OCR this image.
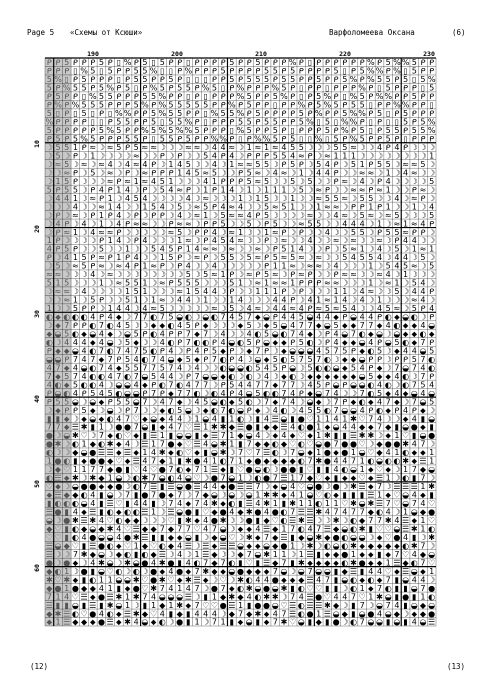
Page 5 «Схемы от Ксюши»	Варфоломеева Оксана	(6)
190	200	210	220	230
10
20
30
40
50
60
ᑭ ᑭ 5 ᑭ ᑭ ᑭ 5 ᑭ ▯ % ᑭ 5 ▯ 5 ᑭ ᑭ ▯ ᑭ ᑭ ᑭ ᑭ 5 ᑭ ᑭ 5 ᑭ ᑭ ᑭ % ᑭ ▯ ᑭ ᑭ ᑭ ᑭ ᑭ ᑭ % ᑭ 5 % % 5 ᑭ ᑭ
ᑭ ᑭ ᑭ ▯ % 5 ▯ 5 ᑭ ᑭ 5 5 % ▯ ▯ ᑭ % ᑭ ᑭ ᑭ 5 ᑭ ᑭ ᑭ ᑭ 5 5 ᑭ 5 ᑭ ᑭ ᑭ ᑭ 5 ▯ ᑭ 5 % % ᑭ % ▯ 5 ᑭ ᑭ
5 % ▯ ᑭ 5 ᑭ ᑭ ᑭ ▯ ᑭ 5 5 ᑭ ᑭ 5 ᑭ ▯ ▯ ▯ ᑭ ᑭ 5 ᑭ 5 5 5 ᑭ 5 5 ᑭ ᑭ 5 ᑭ ᑭ 5 % ᑭ % 5 5 ᑭ 5 ▯ 5 %
5 ᑭ % 5 5 ᑭ 5 % ᑭ 5 ▯ ᑭ % 5 ᑭ 5 5 ᑭ % 5 ▯ ᑭ % ᑭ ᑭ ᑭ % 5 ᑭ ▯ ᑭ ᑭ ▯ ᑭ ᑭ ᑭ % ᑭ ▯ 5 ᑭ ᑭ ᑭ ▯ 5
ᑭ 5 ᑭ ᑭ ▯ % 5 5 ᑭ ᑭ ᑭ 5 5 % ᑭ ᑭ ▯ ᑭ ▯ ᑭ ᑭ ᑭ % 5 ᑭ ᑭ 5 % ᑭ ▯ ᑭ 5 % ᑭ ▯ % 5 ᑭ % % ᑭ ᑭ 5 ᑭ ᑭ
ᑭ % ᑭ % 5 5 5 ᑭ ᑭ ᑭ 5 % ᑭ % 5 5 5 5 5 ᑭ ᑭ % ᑭ 5 ᑭ ᑭ ▯ ᑭ ᑭ % ᑭ 5 % 5 ᑭ 5 5 ▯ ᑭ ᑭ % % ᑭ ᑭ ▯
5 ▯ ᑭ ▯ 5 ▯ ᑭ ▯ % % ᑭ ᑭ 5 % 5 5 ᑭ ᑭ ▯ % 5 5 % ᑭ 5 ᑭ ᑭ ᑭ ᑭ 5 ᑭ % ᑭ ᑭ 5 % % ᑭ 5 ▯ ᑭ 5 ᑭ ᑭ ᑭ
% ᑭ ᑭ ᑭ ᑭ ▯ ▯ ᑭ 5 5 ᑭ ᑭ 5 ▯ 5 5 % ᑭ ▯ ᑭ ᑭ ᑭ 5 5 ᑭ 5 5 ᑭ ᑭ 5 % ▯ 5 ▯ % % ᑭ ▯ ᑭ ▯ ▯ 5 ᑭ 5 %
5 ᑭ ᑭ ᑭ ᑭ ᑭ 5 % 5 ᑭ ᑭ % 5 % 5 % % 5 ᑭ ᑭ ᑭ ▯ % 5 ᑭ ᑭ 5 ᑭ ▯ ᑭ ᑭ ᑭ 5 ᑭ % ᑭ 5 ▯ ᑭ 5 5 ᑭ 5 5 %
ᑭ 5 ᑭ 5 % 5 ᑭ ᑭ ᑭ 5 5 ᑭ ▯ 5 5 ᑭ 5 ᑭ ᑭ % % ᑭ ▯ ᑭ % % 5 ᑭ 5 ▯ ▯ % ▯ 5 ᑭ % 5 ᑭ ᑭ 5 ᑭ ▯ ᑭ ᑭ ᑭ
☽ 5 5 1 ᑭ ≈ ☽ ≈ 5 ᑭ 5 ≈ ≈ ☽ ☽ ☽ ≈ ≈ ☽ 4 4 ≈ ☽ 1 ≈ 1 ≈ 4 5 5 ☽ ☽ ☽ 5 5 ≈ ☽ ☽ 4 ᑭ 4 ᑭ ☽ ☽ ☽
☽ 5 ☽ ᑭ ☽ 1 ☽ ☽ ☽ ☽ ≈ ☽ ☽ ᑭ ☽ ᑭ ☽ ☽ 5 4 ᑭ 4 ☽ ᑭ ᑭ ᑭ 5 5 4 ≈ ᑭ ☽ ≈ 1 1 1 ☽ ☽ ☽ ☽ ☽ ☽ ☽ ☽ 1
☽ ≈ 5 ☽ ≈ ☽ ≈ 4 ☽ 4 ≈ 4 ᑭ ☽ 1 4 5 ☽ ☽ 4 ☽ 1 ≈ ≈ 5 5 ☽ ᑭ 5 ᑭ ☽ 5 4 ᑭ ☽ 5 1 ᑭ 5 5 ☽ ≈ ≈ 5 ☽
☽ ☽ ≈ ᑭ ☽ 5 ☽ ≈ ☽ ᑭ ☽ ≈ ᑭ ᑭ ᑭ 1 4 5 ≈ 5 ☽ ☽ ᑭ 5 ≈ ☽ 4 ≈ ☽ 1 ☽ 4 4 ᑭ ☽ ☽ ≈ ≈ ☽ 1 ☽ 4 ≈ ☽ ☽
☽ 1 5 ᑭ ☽ ☽ ☽ ≈ ᑭ ≈ 1 ≈ 4 5 1 ☽ ☽ ☽ 4 1 ᑭ ᑭ ᑭ 5 ≈ 5 ☽ ☽ 5 ☽ 5 ☽ ☽ ᑭ ≈ ☽ 4 ☽ ᑭ 4 ☽ ☽ ☽ ☽ 5
5 ᑭ 5 5 ☽ ᑭ 4 ᑭ 1 4 ☽ ᑭ ☽ 5 4 ≈ ᑭ ☽ 1 ᑭ 1 4 ☽ 1 ☽ 1 1 1 ☽ 5 ☽ ≈ ᑭ ☽ ☽ ≈ ≈ ᑭ ≈ 1 ☽ ☽ ᑭ ≈ ☽
☽ 4 4 1 ☽ ≈ ᑭ 1 ☽ 4 5 4 ☽ ☽ ☽ ☽ 4 ☽ ≈ ☽ ☽ ☽ 1 ☽ 1 5 ☽ ☽ 1 ☽ ☽ ≈ 5 5 ≈ ☽ 5 5 ☽ ☽ 4 ☽ ≈ ᑭ ☽
☽ ☽ ☽ 4 ☽ ☽ ≈ 1 4 ☽ ☽ 1 5 4 ☽ 5 ☽ ≈ 5 ᑭ 4 ≈ 4 ☽ ☽ 5 ≈ 5 1 ☽ ☽ 1 ≈ ≈ ☽ ᑭ ᑭ 1 ᑭ 1 ☽ ☽ 1 ☽ 4
☽ ᑭ ☽ ≈ ☽ ᑭ 1 ᑭ 4 ☽ ᑭ ☽ ᑭ ᑭ ☽ 4 ☽ ≈ 1 ☽ 5 ≈ ≈ 4 ᑭ 5 ☽ ☽ ☽ ☽ ≈ ☽ ☽ 4 ≈ ☽ 5 ≈ ☽ ≈ 5 ☽ ☽ ☽ 5
☽ 4 ᑭ ☽ 4 ☽ 1 ☽ 4 ᑭ ≈ ≈ ☽ ☽ ᑭ ≈ ≈ ☽ ᑭ ᑭ 5 ☽ ☽ 5 ☽ ᑭ 5 ☽ ☽ ≈ 5 5 ☽ ☽ 4 4 4 ☽ 1 ☽ ≈ 1 ≈ 4 ᑭ
☽ ᑭ ≈ 1 ☽ 4 ≈ ≈ ᑭ ☽ ☽ ☽ ☽ ☽ ≈ 5 ☽ ᑭ ᑭ 4 ☽ ≈ 1 ☽ ☽ 1 ≈ ᑭ ☽ ᑭ ☽ ☽ 4 ☽ ☽ 5 5 ☽ ᑭ 5 5 ≈ ᑭ ᑭ ☽
1 ᑭ ☽ ☽ ☽ ☽ ᑭ 1 4 ☽ ᑭ 4 ☽ ☽ ☽ 1 ≈ ☽ ᑭ 4 5 4 ≈ ☽ ☽ ᑭ ☽ ≈ ☽ ☽ 4 ☽ ☽ ≈ ☽ ≈ ☽ ☽ ≈ ☽ ᑭ 4 4 ☽ ☽
4 ᑭ 5 ᑭ ☽ ☽ 5 ☽ ☽ 1 ☽ ☽ 5 4 5 ᑭ 1 4 ≈ ≈ ☽ ≈ ☽ ☽ ≈ ☽ ᑭ 5 1 4 ☽ ☽ ᑭ ☽ 5 ≈ 1 ☽ 4 ☽ 5 ☽ 1 ≈ 1
ᑭ ☽ 4 1 5 ᑭ ≈ ᑭ 1 ᑭ 4 ☽ ☽ 1 5 ᑭ ☽ ≈ ᑭ ☽ 5 5 ☽ 5 ≈ ᑭ 5 ≈ 5 ≈ ☽ ≈ ☽ ☽ 5 4 5 5 4 ☽ 4 4 ☽ 5 ☽
☽ 5 ☽ ≈ 5 ᑭ ≈ ☽ ≈ 4 ᑭ 1 ≈ ᑭ ☽ ᑭ 4 ☽ ☽ 4 ☽ ☽ ☽ ☽ ☽ ᑭ 1 1 ≈ ☽ ≈ ≈ ☽ 4 ☽ ☽ ☽ 1 ☽ 5 4 5 ≈ ☽ 5
≈ ≈ ☽ ☽ ☽ 4 ☽ ≈ ☽ ☽ ☽ ☽ ☽ ☽ ☽ ☽ 5 ☽ 5 ≈ 1 ᑭ ☽ ≈ ᑭ 5 ≈ ☽ ᑭ ≈ ᑭ ☽ ☽ ᑭ ≈ ≈ ☽ ☽ ≈ 4 ☽ 1 ☽ ☽ ☽
5 1 5 ☽ ☽ ☽ 1 ☽ ≈ 5 5 1 ☽ ≈ ᑭ 5 5 5 ☽ ☽ ☽ 5 1 ☽ ≈ 1 ≈ ≈ 1 ᑭ ᑭ ᑭ ≈ ≈ ☽ ☽ ☽ 1 ☽ ≈ 1 ☽ 5 4 ☽
☽ ≈ ≈ ☽ 4 ☽ ☽ ☽ ☽ 1 5 1 ☽ ☽ ☽ ≈ 1 5 4 4 ☽ ᑭ ☽ ☽ 1 1 1 ᑭ ☽ ᑭ ☽ ☽ ☽ 1 1 ☽ 4 ≈ ☽ ☽ 5 ☽ 4 4 ᑭ
☽ ☽ ≈ 1 ☽ 5 ᑭ ☽ ☽ 5 1 ☽ 1 ≈ ☽ 4 4 ☽ 1 ☽ ☽ 1 4 ☽ ☽ ☽ 4 4 ᑭ ☽ 4 1 ≈ 1 4 ☽ 4 ☽ 1 ☽ ☽ ☽ ≈ 4 ☽
1 ☽ ☽ 5 ᑭ ᑭ ☽ 1 4 4 ☽ 4 ≈ 5 ☽ ☽ ☽ ☽ ☽ ≈ ☽ 5 ☽ 4 ≈ ☽ 4 4 ≈ 4 ᑭ ≈ 5 ≈ 5 4 ☽ ☽ 4 5 ≈ ☽ 5 ᑭ 4
◐ ⬥ ◐ ◐ ◐ 4 ᑭ 4 ⬥ ☽ 7 7 ◐ 7 5 ◒ ◐ ☽ ◒ ◐ 7 4 5 7 ⬥ ◒ ᑭ 4 4 5 ◒ 4 4 ⬥ ᑭ ◒ 4 4 ᑭ ◐ ⬥ ◒ ◐ ☽ ᑭ
☽ ⬥ 7 ᑭ ᑭ ◐ 7 ◐ 4 5 ☽ ☽ ⬥ ⬥ ◐ 4 5 ᑭ ⬥ ☽ ☽ ☽ ⬥ 5 ☽ ⬥ 5 ◒ 4 7 7 ⬥ ◒ 5 ⬥ ⬥ 7 7 ⬥ 4 ◐ ⬥ ⬥ 4 ◒
⬥ ◒ 5 ◐ ⬥ ◒ 4 ⬥ ☽ ◒ 5 ᑭ ◐ 4 ᑭ ᑭ 7 ⬥ 7 ☽ 4 ☽ ☽ 4 ◐ 5 ◒ ◐ 7 4 ⬥ ☽ ᑭ 4 ◒ 7 ◐ ⬥ ◒ ☽ ◒ ⬥ ⬥ ◐ ⬥
◐ ☽ 4 4 4 ⬥ 4 ◒ ☽ 5 ⬥ ☽ ☽ 4 ◐ ᑭ 7 ◐ ◐ ᑭ 4 ◒ ◐ 5 ᑭ ◒ ⬥ ⬥ ᑭ 5 ◐ ☽ ᑭ 4 ⬥ ⬥ ◒ 4 ᑭ ◒ 5 ◐ ⬥ 7 ᑭ
ᑭ ⬥ ⬥ ◒ 4 ◐ 7 ◐ 7 4 7 5 ◐ ᑭ 4 ☽ ᑭ 4 ᑭ 5 ⬥ ᑭ ☽ ⬥ 7 ᑭ ☽ ⬥ ◒ ◒ ◒ 4 5 7 5 ᑭ ⬥ ◐ 5 ☽ ⬥ 4 4 ◒ 5
◒ ◒ ᑭ 7 4 7 ⬥ 7 ᑭ 5 4 ◐ 7 4 ◒ ⬥ 5 ⬥ ᑭ 7 ◐ ᑭ 4 ☽ ◒ ⬥ 5 ◐ 5 7 5 7 ◐ ☽ ⬥ ⬥ ◒ ᑭ ᑭ ☽ ᑭ ᑭ 5 7 ◐
4 7 ⬥ 4 ◒ ◐ 7 4 ⬥ 5 5 7 7 5 7 4 ☽ 4 ☽ ☽ ◐ ◒ ◒ ◐ 5 4 5 ᑭ ◒ ☽ 5 ◐ ◐ ◒ ⬥ 5 4 ᑭ ⬥ ☽ 7 ◒ 7 4 ◐
7 ⬥ 5 7 4 ◐ ◐ 4 7 ◐ 7 ◒ 5 4 4 ☽ ᑭ 7 ◒ ◒ ⬥ ◐ ☽ ◐ ☽ 4 ☽ ⬥ ◐ ☽ ⬥ ⬥ ⬥ ⬥ ⬥ ⬥ ◒ 5 ⬥ ⬥ 4 ◐ ☽ 7 ᑭ
4 ◐ ⬥ 5 ◐ ◐ 4 ☽ ◒ ◒ 4 ⬥ ᑭ ◐ 7 ◐ 4 7 7 ☽ ᑭ 5 4 4 7 7 ⬥ 7 7 ☽ 4 5 ᑭ ◒ ᑭ ◒ ◒ ◐ 4 ◐ ☽ ◐ 7 5 4
ᑭ ◒ ◐ 4 ᑭ 5 4 5 ◐ ◒ ◒ ᑭ 7 ᑭ ⬥ 7 7 ◐ ☽ ◐ 4 ᑭ 4 ◒ 5 ◐ ◐ 7 4 ᑭ ⬥ ◒ 7 4 ☽ ☽ 7 ◐ 5 ⬥ 4 ⬥ ◒ 4 ◒
ᑭ 5 5 ◒ ☽ ◒ ⬥ ᑭ 5 5 ◒ 7 ☽ 4 7 ⬥ ☽ 4 5 ◒ ◐ ⬥ 5 ◐ ☽ 7 ⬥ 7 4 ☽ ◒ ⬥ ☽ 7 ᑭ ⬥ ◐ ⬥ 4 7 ⬥ ☽ 7 ◒ 5
☽ ⬥ ᑭ ᑭ 5 ⬥ ☽ ◒ ☽ ᑭ 7 ☽ ☽ ⬥ ◐ 5 ◒ ☽ ⬥ ◐ 7 ◐ ◒ ᑭ ⬥ ☽ 4 ◐ ☽ 4 5 5 ◐ 7 ◒ ◒ 4 ᑭ ◐ ⬥ ᑭ 4 ᑭ ⬥ ☽
▮ ▮ ⬥ ☽ ⬥ ◒ ⬥ ◐ 4 7 ♡ ⬥ ◒ ⬥ 4 4 ☽ 1 ◒ 4 ▮ 1 ◐ ☽ ▮ 4 ☰ ◒ ▮ ● ♡ 1 1 4 1 ✱ ♡ 7 4 ☽ ☽ ⬥ 4 ▮ ◒
7 7 ⬥ ☰ ✱ ▮ 1 ☽ ● ● 7 ◒ ▮ ⬥ 4 7 ♡ ☰ 1 ✱ ✱ ◆ ☰ ● ▮ ◆ ◆ ☰ 4 ◐ ● 1 ⬥ ◒ 4 4 ◆ ⬥ 7 ◆ ▮ ◒ ● ⬥ ▮
● ☽ ◒ ✱ ♡ ☽ 7 ⬥ ◐ ♡ ⬥ ▮ ☰ 1 ▮ ◒ ◒ ▮ ⬥ ☰ 7 1 ◆ ◒ 4 ☽ ⬥ 4 ⬥ ♡ ⬥ 1 ✱ ▮ ▮ ☰ ✱ ✱ ☽ ⬥ 1 ♡ ▮ ◒ ●
● ✱ ☽ ◐ 1 ◆ ◐ ✱ ⬥ 4 ☽ ☰ 1 7 ● ⬥ ♡ ☰ 4 ◒ ✱ 1 ▮ 7 ◆ ◆ ◐ ◆ ♡ ◐ ♡ ◒ ● 7 ● ● ♡ ☽ ◆ ● ● ✱ 4 7 ☽
◐ ☽ ☽ ◆ ◒ ● ☰ ☰ ⬥ ☰ ⬥ 1 4 ✱ ⬥ ◐ ♡ ⬥ ▮ ◒ ✱ ☽ 7 ♡ 7 ☰ ◐ ☽ 7 ◒ ⬥ 1 ● ⬥ ● 1 ◒ ♡ ◆ 4 1 ◐ ⬥ ⬥ 1
1 ● ◐ ▮ ⬥ ● ● ◆ ♡ ⬥ ☰ 4 7 ◆ 1 ▮ ✱ ● 4 1 ◐ 7 1 ⬥ ● ◆ ◆ ◆ ◆ ◐ 7 ✱ ● 4 4 7 1 ◐ ◒ ◐ ◐ ✱ ⬥ ☰ 1
☽ ◆ ♡ 1 1 7 7 ◆ ● ▮ ♡ 4 ♡ ● 7 ◐ ⬥ 7 1 ☰ ⬥ ▮ ♡ ● ◒ ◐ ☽ ● ● ▮ ♡ ▮ ▮ 4 ◐ ◒ 1 ⬥ ♡ ⬥ ☽ 1 7 ◆ ◒
◐ ☰ ⬥ ✱ ☽ ✱ ◆ 1 ◒ ☽ ◐ ✱ 7 ◒ ◐ 4 ◒ ♡ ☽ ● 7 ◒ 1 ☽ ◐ ● 7 ☰ 1 7 ◆ ♡ ⬥ ▮ ⬥ ⬥ ♡ ⬥ ☰ 1 ☽ ◐ ▮ 7 ☽
♡ ⬥ ☽ ◒ ● ● ⬥ ◆ ● ☽ ◐ 7 ☰ ▮ ☰ ◒ ● ☰ 4 4 ⬥ ● ☰ ☰ 7 ☽ ⬥ ◒ 4 ♡ ◒ ● ☽ ● ☽ ✱ ☰ ⬥ 7 ☽ ☰ ☰ ☰ 1 ✱
⬥ ☰ ◆ ◆ ◐ 4 ▮ ◒ ☽ 7 ▮ ● 7 ● ⬥ 7 ☽ 7 ◆ ◒ ☽ ◒ ☽ ◒ 1 ✱ ✱ ⬥ 4 1 ◒ ♡ ◐ ⬥ ▮ ▮ ▮ ☰ 1 ⬥ ♡ ◒ 4 ⬥ ▮
▮ ◐ ◐ ◐ ◒ 4 ▮ ☰ ♡ ▮ 4 4 ▮ ☽ 7 4 ⬥ 7 4 ✱ ⬥ ◐ ▮ ☰ 4 ✱ 1 ▮ ✱ 1 1 ◐ 1 1 ♡ ✱ ◒ ✱ ☰ 7 ♡ ◒ 7 4 ♡
☰ ● ▮ 4 ⬥ ☰ ▮ ◐ ⬥ ◐ ◐ ☰ 1 ☽ ☰ ◒ ● ▮ ♡ ◆ ● 4 ◆ ✱ ● 4 ● ◐ 7 ☰ ☰ ✱ 4 7 4 7 7 ◆ ◐ 4 ☽ 1 ◒ ◆ ●
◒ ☽ ● ✱ ☰ ✱ 4 ♡ ◐ ◆ ◆ ☽ ☽ ☽ ♡ ▮ ✱ ⬥ 4 ● ✱ ☽ ☽ ● ▮ ◆ ♡ ◐ ☰ ✱ ☰ ☽ ☽ ✱ ☽ ◐ ◆ 7 7 ✱ 4 ☰ ⬥ 1 ♡
◆ ♡ ▮ ◐ ◆ ◒ ◆ ✱ 4 ♡ ☰ ◆ ◆ 7 ◆ 7 7 ♡ 4 7 ◒ ☽ ⬥ ⬥ 4 ☰ ◆ 1 7 ◐ 4 7 ☰ ◆ ◒ ◐ ✱ ▮ ♡ ♡ ◒ ☰ ✱ 1 ◐
♡ ♡ ▮ ◐ 4 ● ◒ ◒ 4 ● ✱ ☰ ▮ ▮ ◆ ⬥ ◒ ▮ ☽ ◆ ◒ ♡ ☽ ✱ ⬥ 7 ◆ ☰ ▮ ◆ ◒ ✱ ◆ ● ◐ ◒ ◒ ☽ ⬥ ♡ ● 4 ▮ ☽ ✱
☰ ◒ ◆ ♡ ▮ ☰ ● ◐ ⬥ ♡ 1 ◆ ♡ ◐ ◆ 4 ☰ ☽ ☰ ⬥ ☰ ☰ ◒ ⬥ ⬥ ◒ ◆ ● 1 ☽ ✱ ☽ ◐ ◒ ◐ ✱ ⬥ ◆ ⬥ ◆ ⬥ ◐ ✱ 7 ☽
☰ ☽ ☽ 7 ✱ ◆ ◒ ☽ ◆ ◐ ▮ ◐ ◆ ☰ ☽ 4 ☽ 1 ☰ ◆ ☽ ☽ ◆ 7 ◒ ✱ 1 1 ☽ 1 ☰ ▮ ⬥ ◆ ● 1 ⬥ ⬥ ▮ ⬥ 7 ♡ 4 ◆ ◒
● ☽ ● ⬥ ☽ 4 ✱ ◒ ☽ ✱ ◒ ● 4 ✱ ● ▮ 4 ◐ 7 ◆ 7 ◐ ▮ ♡ ▮ ☰ ◆ 7 ▮ ✱ ⬥ ⬥ ◆ ⬥ ◐ ✱ ● ⬥ ⬥ 1 ☰ ◆ ◐ 7 ♡
◆ ◐ 1 ☽ ● ▮ ◒ ♡ ◐ ☽ ◐ ☽ ● ⬥ 4 ● ⬥ 7 ✱ ◆ ⬥ ◒ ● ◆ ◆ ⬥ 7 ◒ ☽ ◒ 7 ◒ ◒ ▮ ◆ ☰ ▮ 4 4 ♡ ⬥ ☰ ◒ ⬥ 1
✱ ♡ ✱ ⬥ ▮ ◐ 1 1 ◒ ◒ ✱ ♡ ● ✱ ♡ ⬥ ✱ ☰ ⬥ ☽ ♡ ☽ ✱ ◐ 4 4 ● ⬥ ⬥ ◆ ☰ 4 7 ▮ ◒ ◐ ⬥ ◐ ⬥ 7 ▮ ◒ 4 4 ☽
◆ ● 1 ● ◆ ◆ 4 1 ▮ ⬥ ● ♡ ✱ 7 4 1 4 7 ☽ ● 7 ⬥ ◐ ✱ ◒ ● ◒ ✱ ▮ ◐ ♡ ♡ ▮ ▮ ☽ ◐ 1 ⬥ 7 ◐ ▮ ▮ ◒ 7 ●
7 1 4 ♡ ☰ ⬥ ● ☰ ✱ 1 ✱ 7 4 ◒ ◒ ◒ ☰ ☽ ▮ 1 ◆ ✱ ◆ 4 ◐ ✱ ✱ ☽ 7 4 ☰ ● ♡ 4 4 7 ♡ 1 ✱ ◒ ▮ ● ▮ 1 ◐
☰ ▮ ▮ ◒ ▮ ☰ ▮ ✱ ◒ 1 ☽ ▮ 1 ◆ 1 ✱ ⬥ 7 ♡ ♡ ● ☰ 1 ▮ ● ● ◒ ♡ ☰ ◐ ☰ ☰ ✱ ◆ ☽ ▮ 7 ☽ ◒ 7 4 ▮ ◒ ◆ ◒
◆ ✱ ☰ ◐ ♡ ● 4 ◐ ⬥ ☰ ✱ ◆ ♡ 4 ▮ ◆ ▮ 4 4 4 ☽ ◆ 7 ◆ ✱ ⬥ 4 7 ☰ ◐ ● 1 ☰ ◒ ◆ ▮ ◒ ● 4 ◒ ◆ ☽ ⬥ ◆ ●
⬥ 1 ☰ ◆ ◆ ⬥ ● ☰ ⬥ ✱ 4 ◒ ⬥ ◐ ☽ ● ▮ 1 ☽ 7 1 ▮ ⬥ ◒ ▮ ⬥ 7 ✱ ♡ ◒ ▮ ◆ ▮ ● ☽ ◐ 7 ◒ ◒ ▮ ◒ ▮ 4 ◒ ☰
(12)	(13)
